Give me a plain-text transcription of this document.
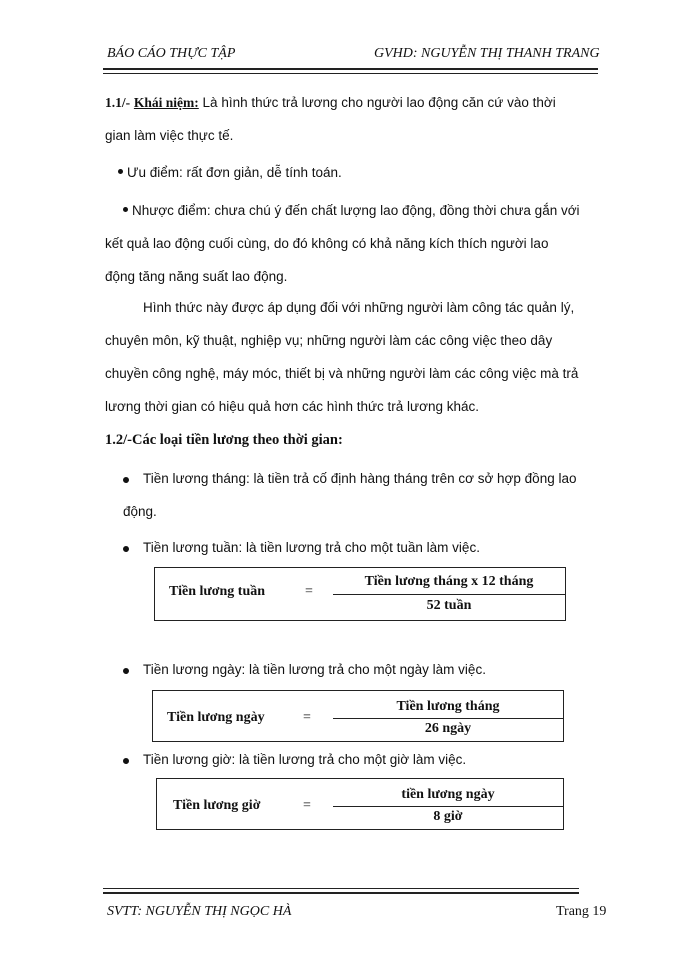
BÁO CÁO THỰC TẬP	GVHD: NGUYỄN THỊ THANH TRANG
1.1/- Khái niệm: Là hình thức trả lương cho người lao động căn cứ vào thời
gian làm việc thực tế.
Ưu điểm: rất đơn giản, dễ tính toán.
Nhược điểm: chưa chú ý đến chất lượng lao động, đồng thời chưa gắn với
kết quả lao động cuối cùng, do đó không có khả năng kích thích người lao
động tăng năng suất lao động.
Hình thức này được áp dụng đối với những người làm công tác quản lý,
chuyên môn, kỹ thuật, nghiệp vụ; những người làm các công việc theo dây
chuyền công nghệ, máy móc, thiết bị và những người làm các công việc mà trả
lương thời gian có hiệu quả hơn các hình thức trả lương khác.
1.2/-Các loại tiền lương theo thời gian:
Tiền lương tháng: là tiền trả cố định hàng tháng trên cơ sở hợp đồng lao
động.
Tiền lương tuần: là tiền lương trả cho một tuần làm việc.
Tiền lương tuần	=
Tiền lương tháng x 12 tháng
52 tuần
Tiền lương ngày: là tiền lương trả cho một ngày làm việc.
Tiền lương ngày	=
Tiền lương tháng
26 ngày
Tiền lương giờ: là tiền lương trả cho một giờ làm việc.
Tiền lương giờ	=
tiền lương ngày
8 giờ
SVTT: NGUYỄN THỊ NGỌC HÀ	Trang 19
